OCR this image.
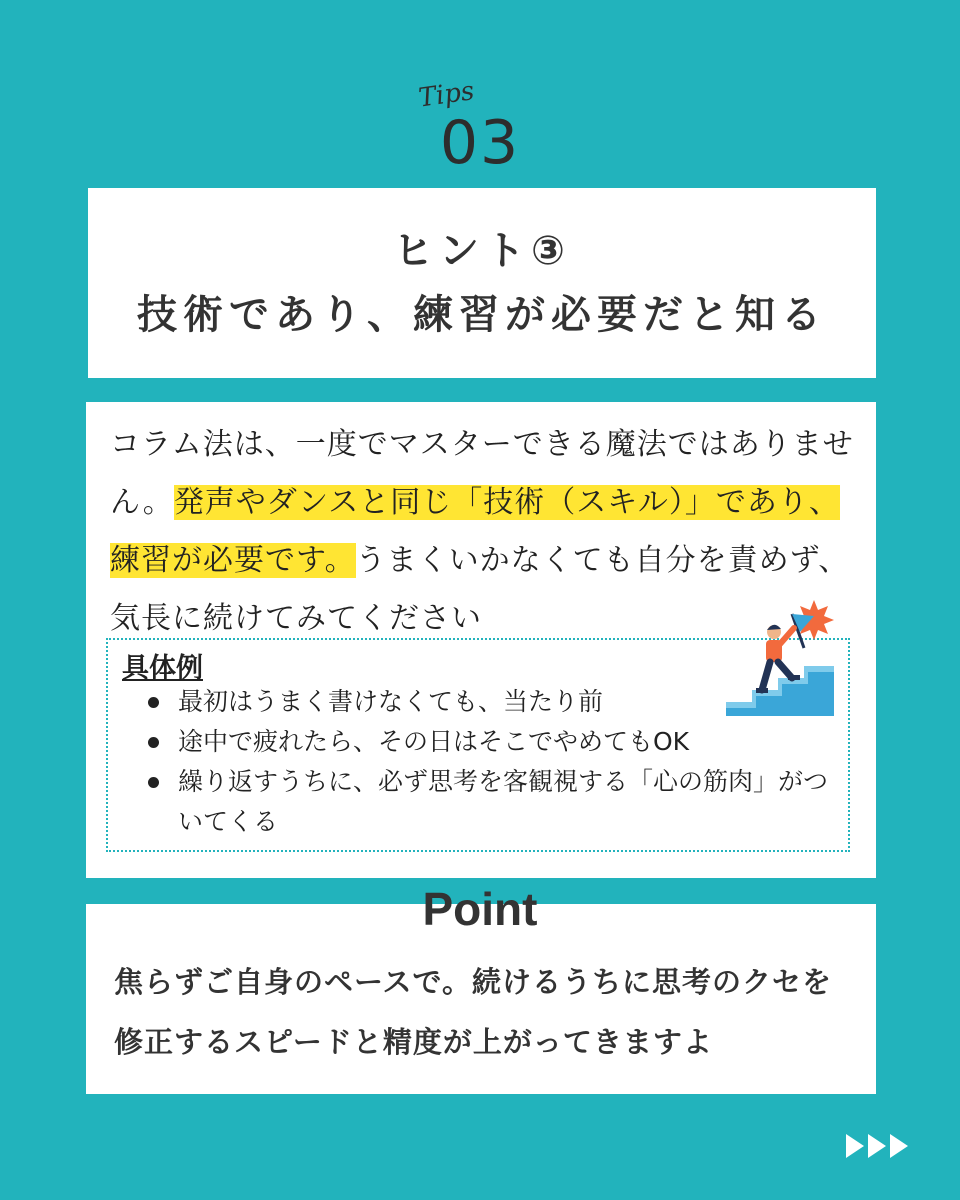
Tips
03
ヒント③
技術であり、練習が必要だと知る
コラム法は、一度でマスターできる魔法ではありません。発声やダンスと同じ「技術（スキル）」であり、練習が必要です。うまくいかなくても自分を責めず、気長に続けてみてください
具体例
最初はうまく書けなくても、当たり前
途中で疲れたら、その日はそこでやめてもOK
繰り返すうちに、必ず思考を客観視する「心の筋肉」がついてくる
焦らずご自身のペースで。続けるうちに思考のクセを修正するスピードと精度が上がってきますよ
Point
